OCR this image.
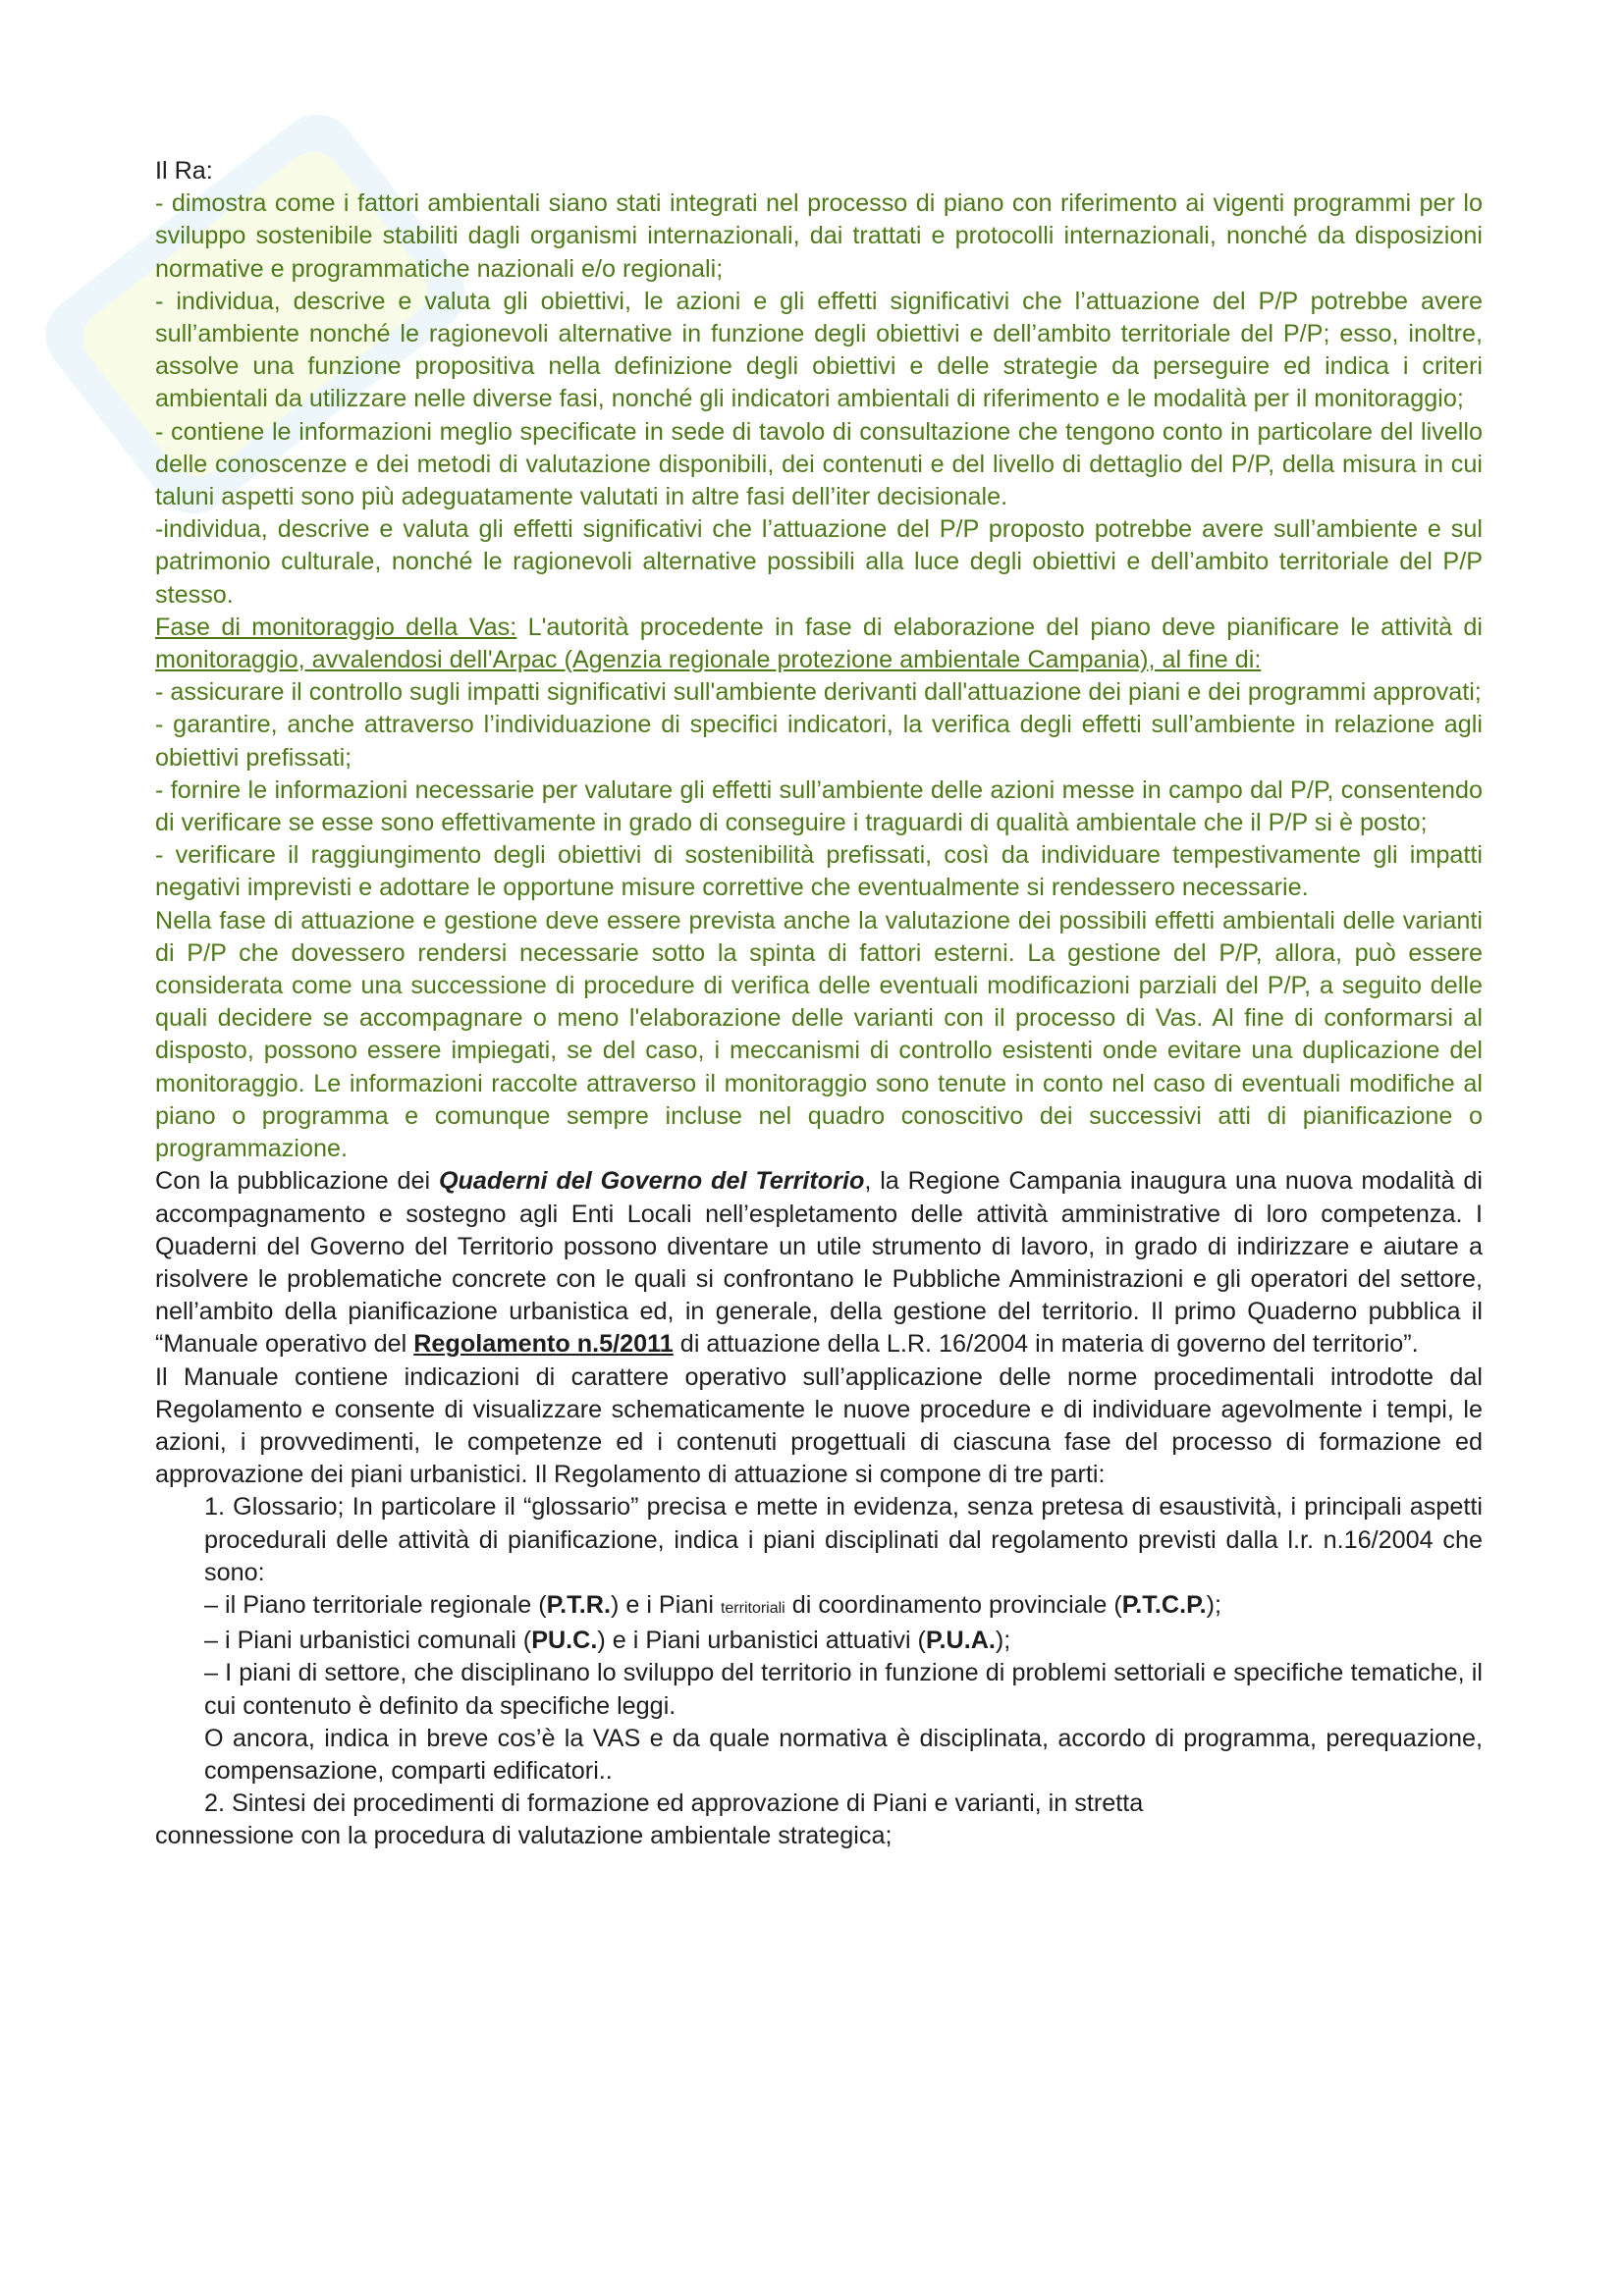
Il Ra:

- dimostra come i fattori ambientali siano stati integrati nel processo di piano con riferimento ai vigenti programmi per lo sviluppo sostenibile stabiliti dagli organismi internazionali, dai trattati e protocolli internazionali, nonché da disposizioni normative e programmatiche nazionali e/o regionali;

- individua, descrive e valuta gli obiettivi, le azioni e gli effetti significativi che l’attuazione del P/P potrebbe avere sull’ambiente nonché le ragionevoli alternative in funzione degli obiettivi e dell’ambito territoriale del P/P; esso, inoltre, assolve una funzione propositiva nella definizione degli obiettivi e delle strategie da perseguire ed indica i criteri ambientali da utilizzare nelle diverse fasi, nonché gli indicatori ambientali di riferimento e le modalità per il monitoraggio;

- contiene le informazioni meglio specificate in sede di tavolo di consultazione che tengono conto in particolare del livello delle conoscenze e dei metodi di valutazione disponibili, dei contenuti e del livello di dettaglio del P/P, della misura in cui taluni aspetti sono più adeguatamente valutati in altre fasi dell’iter decisionale.

-individua, descrive e valuta gli effetti significativi che l’attuazione del P/P proposto potrebbe avere sull’ambiente e sul patrimonio culturale, nonché le ragionevoli alternative possibili alla luce degli obiettivi e dell’ambito territoriale del P/P stesso.

Fase di monitoraggio della Vas: L'autorità procedente in fase di elaborazione del piano deve pianificare le attività di monitoraggio, avvalendosi dell'Arpac (Agenzia regionale protezione ambientale Campania), al fine di:

- assicurare il controllo sugli impatti significativi sull'ambiente derivanti dall'attuazione dei piani e dei programmi approvati;

- garantire, anche attraverso l’individuazione di specifici indicatori, la verifica degli effetti sull’ambiente in relazione agli obiettivi prefissati;

- fornire le informazioni necessarie per valutare gli effetti sull’ambiente delle azioni messe in campo dal P/P, consentendo di verificare se esse sono effettivamente in grado di conseguire i traguardi di qualità ambientale che il P/P si è posto;

- verificare il raggiungimento degli obiettivi di sostenibilità prefissati, così da individuare tempestivamente gli impatti negativi imprevisti e adottare le opportune misure correttive che eventualmente si rendessero necessarie.

Nella fase di attuazione e gestione deve essere prevista anche la valutazione dei possibili effetti ambientali delle varianti di P/P che dovessero rendersi necessarie sotto la spinta di fattori esterni. La gestione del P/P, allora, può essere considerata come una successione di procedure di verifica delle eventuali modificazioni parziali del P/P, a seguito delle quali decidere se accompagnare o meno l'elaborazione delle varianti con il processo di Vas. Al fine di conformarsi al disposto, possono essere impiegati, se del caso, i meccanismi di controllo esistenti onde evitare una duplicazione del monitoraggio. Le informazioni raccolte attraverso il monitoraggio sono tenute in conto nel caso di eventuali modifiche al piano o programma e comunque sempre incluse nel quadro conoscitivo dei successivi atti di pianificazione o programmazione.

Con la pubblicazione dei Quaderni del Governo del Territorio, la Regione Campania inaugura una nuova modalità di accompagnamento e sostegno agli Enti Locali nell’espletamento delle attività amministrative di loro competenza. I Quaderni del Governo del Territorio possono diventare un utile strumento di lavoro, in grado di indirizzare e aiutare a risolvere le problematiche concrete con le quali si confrontano le Pubbliche Amministrazioni e gli operatori del settore, nell’ambito della pianificazione urbanistica ed, in generale, della gestione del territorio. Il primo Quaderno pubblica il “Manuale operativo del Regolamento n.5/2011 di attuazione della L.R. 16/2004 in materia di governo del territorio”.

Il Manuale contiene indicazioni di carattere operativo sull’applicazione delle norme procedimentali introdotte dal Regolamento e consente di visualizzare schematicamente le nuove procedure e di individuare agevolmente i tempi, le azioni, i provvedimenti, le competenze ed i contenuti progettuali di ciascuna fase del processo di formazione ed approvazione dei piani urbanistici. Il Regolamento di attuazione si compone di tre parti:

1. Glossario; In particolare il “glossario” precisa e mette in evidenza, senza pretesa di esaustività, i principali aspetti procedurali delle attività di pianificazione, indica i piani disciplinati dal regolamento previsti dalla l.r. n.16/2004 che sono:

– il Piano territoriale regionale (P.T.R.) e i Piani territoriali di coordinamento provinciale (P.T.C.P.);

– i Piani urbanistici comunali (PU.C.) e i Piani urbanistici attuativi (P.U.A.);

– I piani di settore, che disciplinano lo sviluppo del territorio in funzione di problemi settoriali e specifiche tematiche, il cui contenuto è definito da specifiche leggi.

O ancora, indica in breve cos’è la VAS e da quale normativa è disciplinata, accordo di programma, perequazione, compensazione, comparti edificatori..

2. Sintesi dei procedimenti di formazione ed approvazione di Piani e varianti, in stretta

connessione con la procedura di valutazione ambientale strategica;
